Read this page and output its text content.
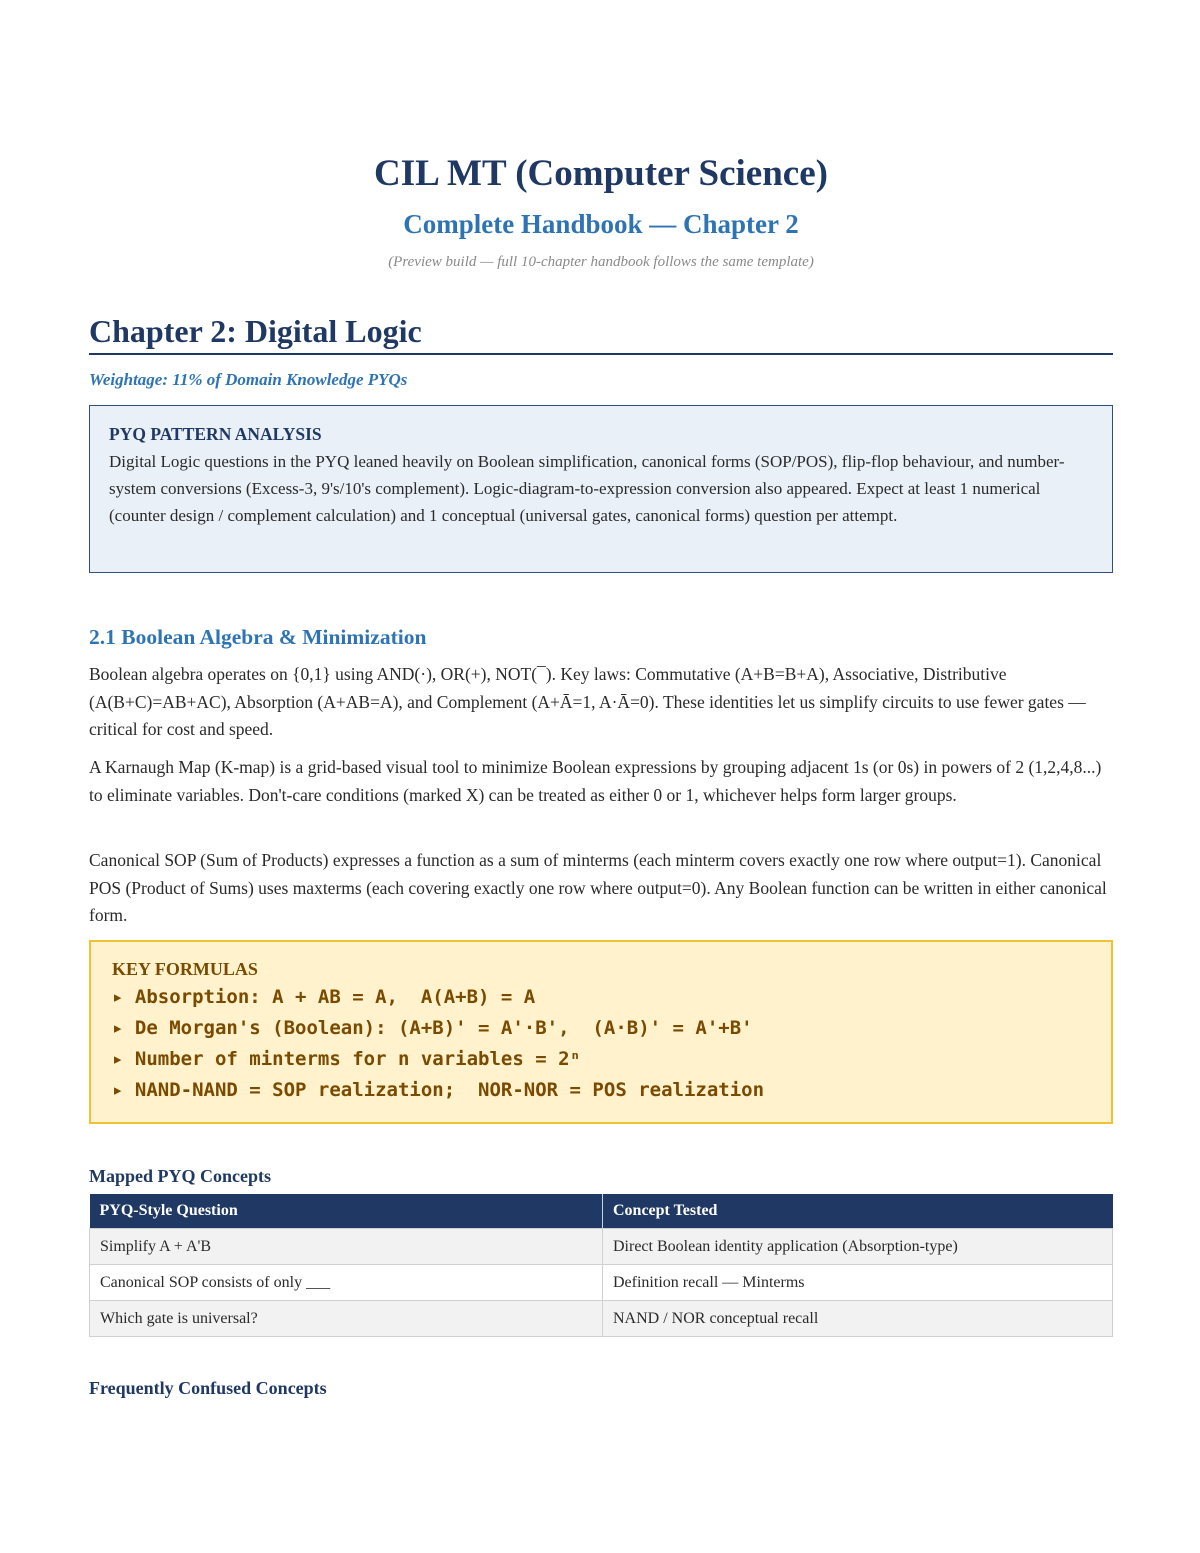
CIL MT (Computer Science)
Complete Handbook — Chapter 2
(Preview build — full 10-chapter handbook follows the same template)
Chapter 2: Digital Logic
Weightage: 11% of Domain Knowledge PYQs
PYQ PATTERN ANALYSIS
Digital Logic questions in the PYQ leaned heavily on Boolean simplification, canonical forms (SOP/POS), flip-flop behaviour, and number-system conversions (Excess-3, 9's/10's complement). Logic-diagram-to-expression conversion also appeared. Expect at least 1 numerical (counter design / complement calculation) and 1 conceptual (universal gates, canonical forms) question per attempt.
2.1 Boolean Algebra & Minimization
Boolean algebra operates on {0,1} using AND(·), OR(+), NOT(¯). Key laws: Commutative (A+B=B+A), Associative, Distributive (A(B+C)=AB+AC), Absorption (A+AB=A), and Complement (A+Ā=1, A·Ā=0). These identities let us simplify circuits to use fewer gates — critical for cost and speed.
A Karnaugh Map (K-map) is a grid-based visual tool to minimize Boolean expressions by grouping adjacent 1s (or 0s) in powers of 2 (1,2,4,8...) to eliminate variables. Don't-care conditions (marked X) can be treated as either 0 or 1, whichever helps form larger groups.
Canonical SOP (Sum of Products) expresses a function as a sum of minterms (each minterm covers exactly one row where output=1). Canonical POS (Product of Sums) uses maxterms (each covering exactly one row where output=0). Any Boolean function can be written in either canonical form.
KEY FORMULAS
▸ Absorption: A + AB = A,  A(A+B) = A
▸ De Morgan's (Boolean): (A+B)' = A'·B',  (A·B)' = A'+B'
▸ Number of minterms for n variables = 2ⁿ
▸ NAND-NAND = SOP realization;  NOR-NOR = POS realization
Mapped PYQ Concepts
PYQ-Style Question	Concept Tested
Simplify A + A'B	Direct Boolean identity application (Absorption-type)
Canonical SOP consists of only ___	Definition recall — Minterms
Which gate is universal?	NAND / NOR conceptual recall
Frequently Confused Concepts
